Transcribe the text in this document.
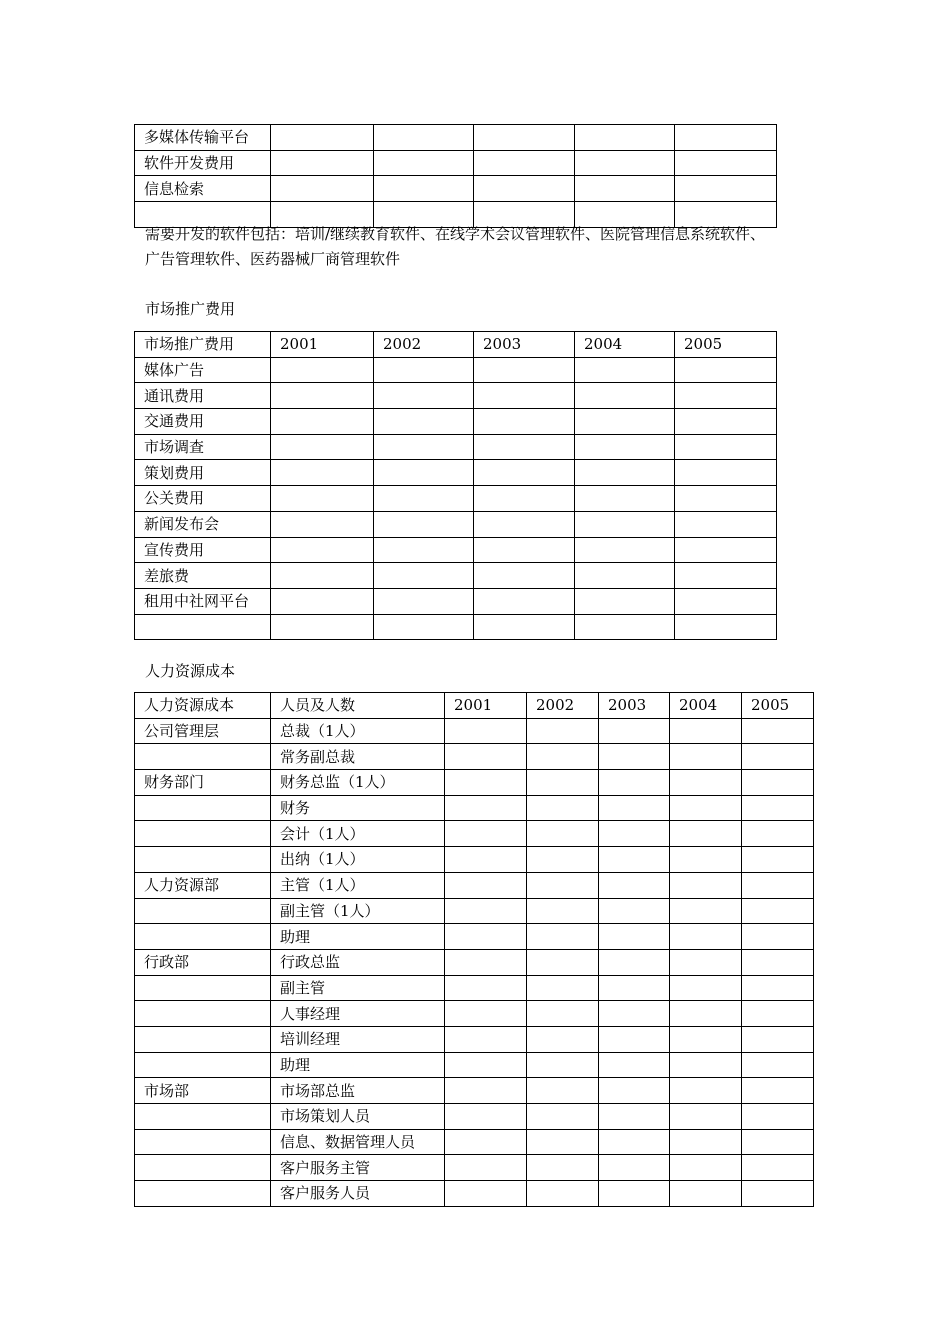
多媒体传输平台					
软件开发费用					
信息检索					

需要开发的软件包括：培训/继续教育软件、在线学术会议管理软件、医院管理信息系统软件、

广告管理软件、医药器械厂商管理软件

市场推广费用

市场推广费用	2001	2002	2003	2004	2005
媒体广告					
通讯费用					
交通费用					
市场调查					
策划费用					
公关费用					
新闻发布会					
宣传费用					
差旅费					
租用中社网平台					

人力资源成本

人力资源成本	人员及人数	2001	2002	2003	2004	2005
公司管理层	总裁（1人）					
	常务副总裁					
财务部门	财务总监（1人）					
	财务					
	会计（1人）					
	出纳（1人）					
人力资源部	主管（1人）					
	副主管（1人）					
	助理					
行政部	行政总监					
	副主管					
	人事经理					
	培训经理					
	助理					
市场部	市场部总监					
	市场策划人员					
	信息、数据管理人员					
	客户服务主管					
	客户服务人员					
